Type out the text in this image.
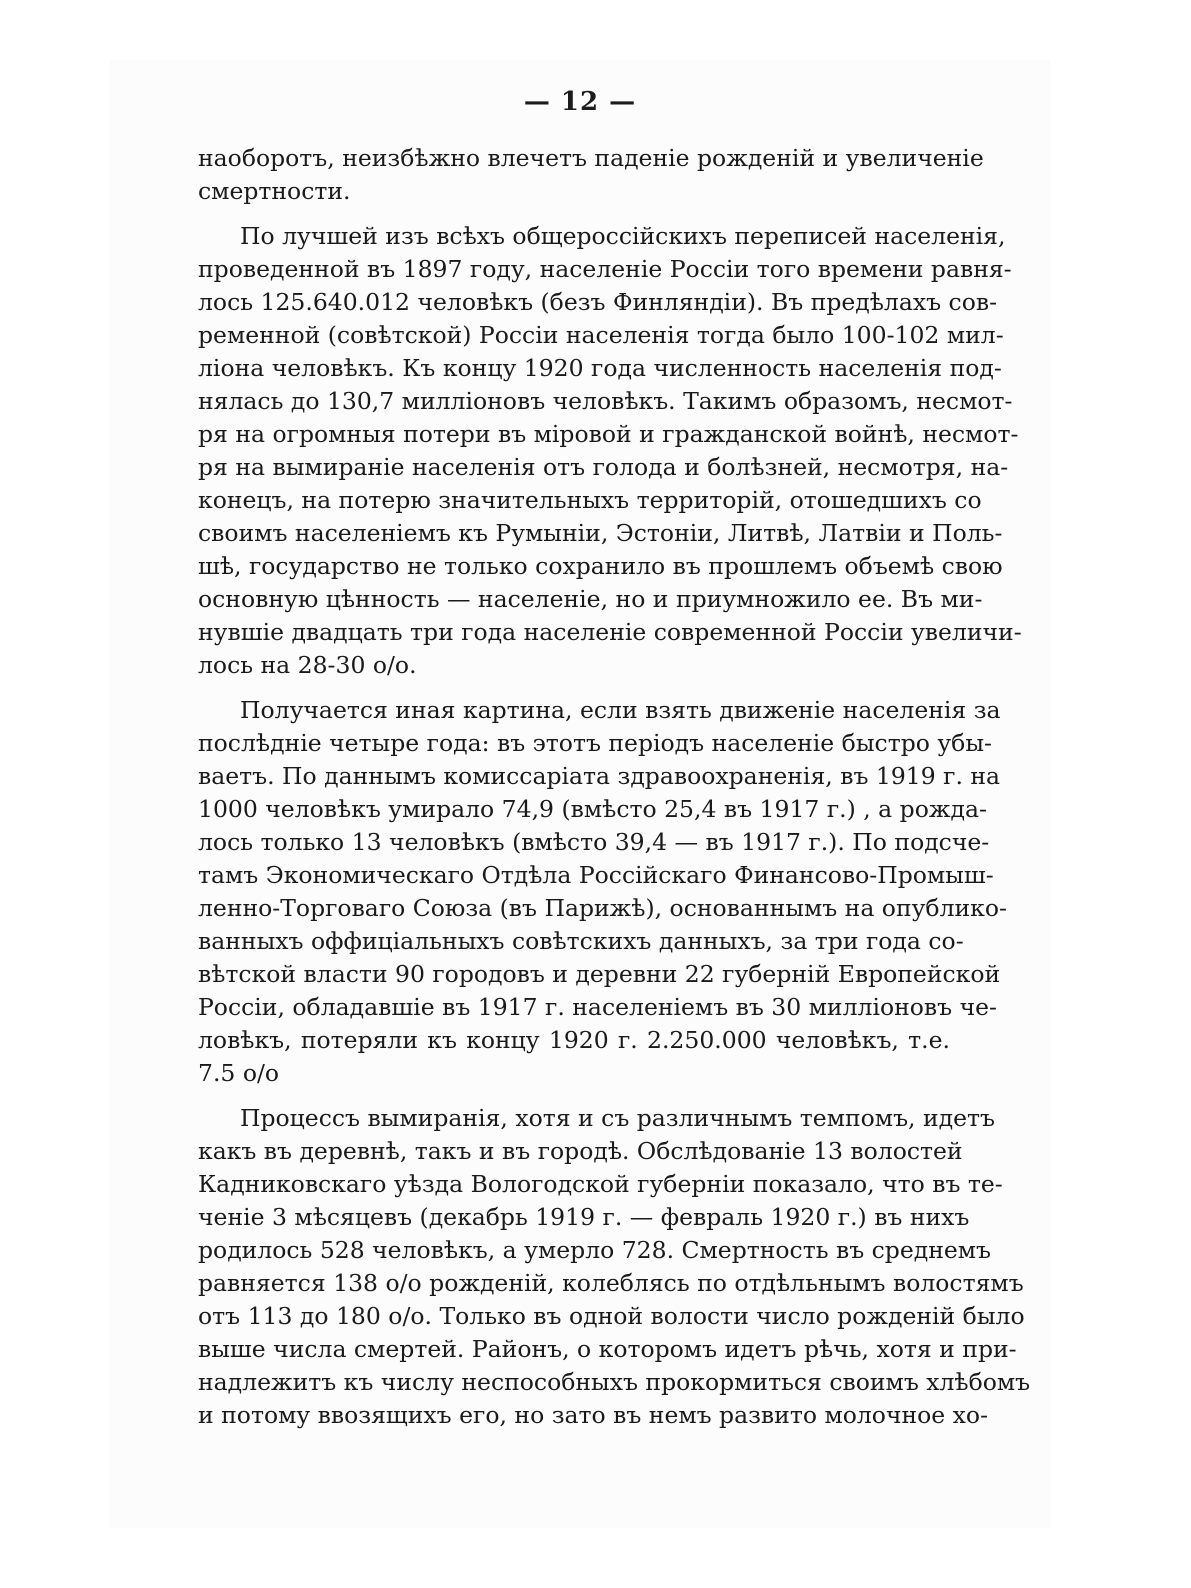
— 12 —
наоборотъ, неизбѣжно влечетъ паденіе рожденій и увеличеніе
смертности.
По лучшей изъ всѣхъ общероссійскихъ переписей населенія,
проведенной въ 1897 году, населеніе Россіи того времени равня-
лось 125.640.012 человѣкъ (безъ Финляндіи). Въ предѣлахъ сов-
ременной (совѣтской) Россіи населенія тогда было 100-102 мил-
ліона человѣкъ. Къ концу 1920 года численность населенія под-
нялась до 130,7 милліоновъ человѣкъ. Такимъ образомъ, несмот-
ря на огромныя потери въ міровой и гражданской войнѣ, несмот-
ря на вымираніе населенія отъ голода и болѣзней, несмотря, на-
конецъ, на потерю значительныхъ территорій, отошедшихъ со
своимъ населеніемъ къ Румыніи, Эстоніи, Литвѣ, Латвіи и Поль-
шѣ, государство не только сохранило въ прошлемъ объемѣ свою
основную цѣнность — населеніе, но и приумножило ее. Въ ми-
нувшіе двадцать три года населеніе современной Россіи увеличи-
лось на 28-30 о/о.
Получается иная картина, если взять движеніе населенія за
послѣдніе четыре года: въ этотъ періодъ населеніе быстро убы-
ваетъ. По даннымъ комиссаріата здравоохраненія, въ 1919 г. на
1000 человѣкъ умирало 74,9 (вмѣсто 25,4 въ 1917 г.) , а рожда-
лось только 13 человѣкъ (вмѣсто 39,4 — въ 1917 г.). По подсче-
тамъ Экономическаго Отдѣла Россійскаго Финансово-Промыш-
ленно-Торговаго Союза (въ Парижѣ), основаннымъ на опублико-
ванныхъ оффиціальныхъ совѣтскихъ данныхъ, за три года со-
вѣтской власти 90 городовъ и деревни 22 губерній Европейской
Россіи, обладавшіе въ 1917 г. населеніемъ въ 30 милліоновъ че-
ловѣкъ, потеряли къ концу 1920 г. 2.250.000 человѣкъ, т.е.
7.5 о/о
Процессъ вымиранія, хотя и съ различнымъ темпомъ, идетъ
какъ въ деревнѣ, такъ и въ городѣ. Обслѣдованіе 13 волостей
Кадниковскаго уѣзда Вологодской губерніи показало, что въ те-
ченіе 3 мѣсяцевъ (декабрь 1919 г. — февраль 1920 г.) въ нихъ
родилось 528 человѣкъ, а умерло 728. Смертность въ среднемъ
равняется 138 о/о рожденій, колеблясь по отдѣльнымъ волостямъ
отъ 113 до 180 о/о. Только въ одной волости число рожденій было
выше числа смертей. Районъ, о которомъ идетъ рѣчь, хотя и при-
надлежитъ къ числу неспособныхъ прокормиться своимъ хлѣбомъ
и потому ввозящихъ его, но зато въ немъ развито молочное хо-
